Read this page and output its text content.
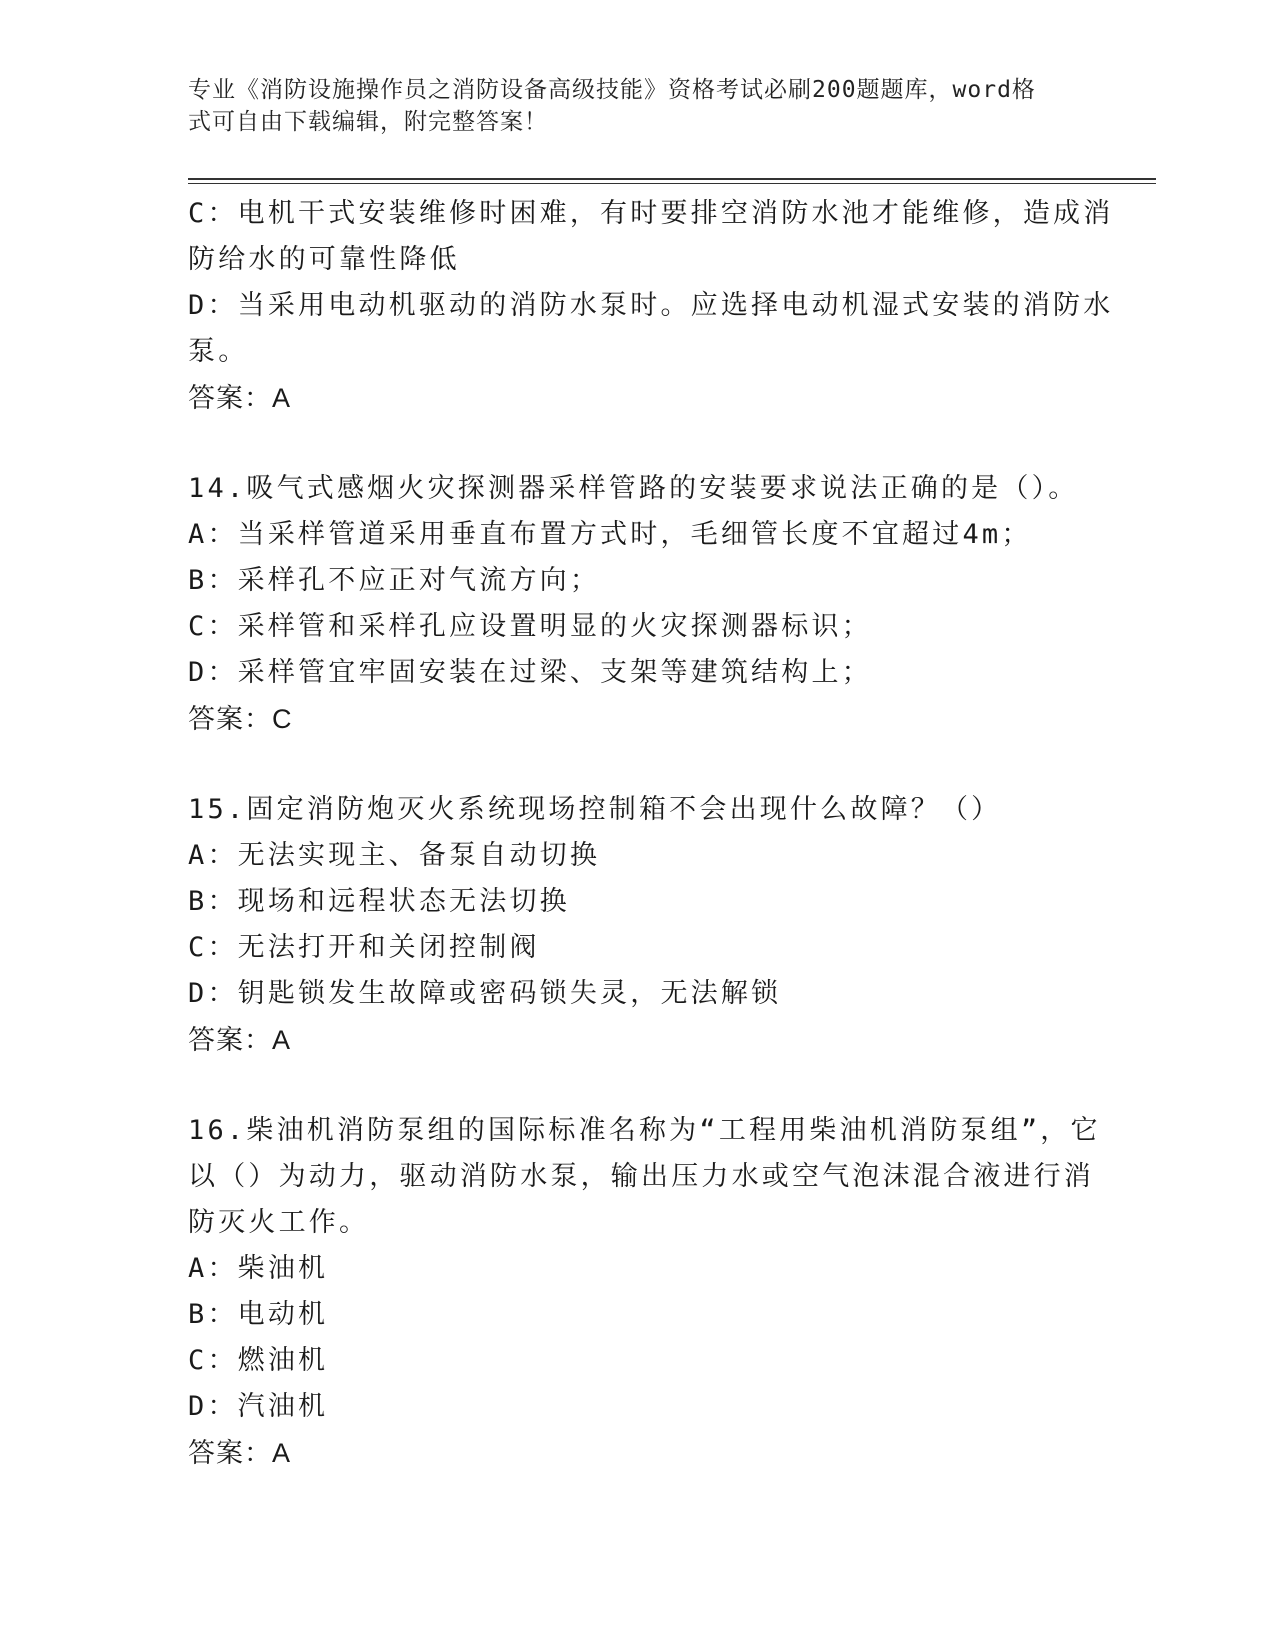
专业《消防设施操作员之消防设备高级技能》资格考试必刷200题题库，word格
式可自由下载编辑，附完整答案！
C：电机干式安装维修时困难，有时要排空消防水池才能维修，造成消
防给水的可靠性降低
D：当采用电动机驱动的消防水泵时。应选择电动机湿式安装的消防水
泵。
答案：A
14.吸气式感烟火灾探测器采样管路的安装要求说法正确的是（）。
A：当采样管道采用垂直布置方式时，毛细管长度不宜超过4m；
B：采样孔不应正对气流方向；
C：采样管和采样孔应设置明显的火灾探测器标识；
D：采样管宜牢固安装在过梁、支架等建筑结构上；
答案：C
15.固定消防炮灭火系统现场控制箱不会出现什么故障？（）
A：无法实现主、备泵自动切换
B：现场和远程状态无法切换
C：无法打开和关闭控制阀
D：钥匙锁发生故障或密码锁失灵，无法解锁
答案：A
16.柴油机消防泵组的国际标准名称为“工程用柴油机消防泵组”，它
以（）为动力，驱动消防水泵，输出压力水或空气泡沫混合液进行消
防灭火工作。
A：柴油机
B：电动机
C：燃油机
D：汽油机
答案：A
